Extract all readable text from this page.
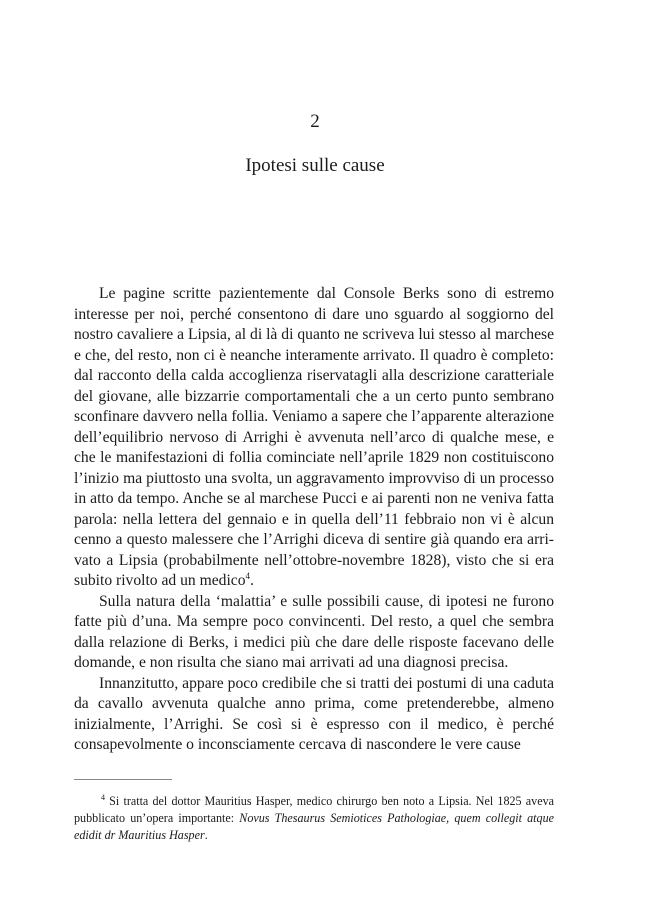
2
Ipotesi sulle cause

Le pagine scritte pazientemente dal Console Berks sono di estremo interesse per noi, perché consentono di dare uno sguardo al soggiorno del nostro cavaliere a Lipsia, al di là di quanto ne scriveva lui stesso al marchese e che, del resto, non ci è neanche interamente arrivato. Il quadro è completo: dal racconto della calda accoglienza riservatagli alla descrizione caratteriale del giovane, alle bizzarrie comportamentali che a un certo punto sembrano sconfinare davvero nella follia. Veniamo a sapere che l’apparente alterazione dell’equilibrio nervoso di Arrighi è avvenuta nell’arco di qualche mese, e che le manifestazioni di follia cominciate nell’aprile 1829 non costituiscono l’inizio ma piuttosto una svolta, un aggravamento improvviso di un processo in atto da tempo. Anche se al marchese Pucci e ai parenti non ne veniva fatta parola: nella lettera del gennaio e in quella dell’11 febbraio non vi è alcun cenno a questo malessere che l’Arrighi diceva di sentire già quando era arrivato a Lipsia (probabilmente nell’ottobre-novembre 1828), visto che si era subito rivolto ad un medico$^4$.

Sulla natura della ‘malattia’ e sulle possibili cause, di ipotesi ne furono fatte più d’una. Ma sempre poco convincenti. Del resto, a quel che sembra dalla relazione di Berks, i medici più che dare delle risposte facevano delle domande, e non risulta che siano mai arrivati ad una diagnosi precisa.

Innanzitutto, appare poco credibile che si tratti dei postumi di una caduta da cavallo avvenuta qualche anno prima, come pretenderebbe, almeno inizialmente, l’Arrighi. Se così si è espresso con il medico, è perché consapevolmente o inconsciamente cercava di nascondere le vere cause

$^4$ Si tratta del dottor Mauritius Hasper, medico chirurgo ben noto a Lipsia. Nel 1825 aveva pubblicato un’opera importante: Novus Thesaurus Semiotices Pathologiae, quem collegit atque edidit dr Mauritius Hasper.
